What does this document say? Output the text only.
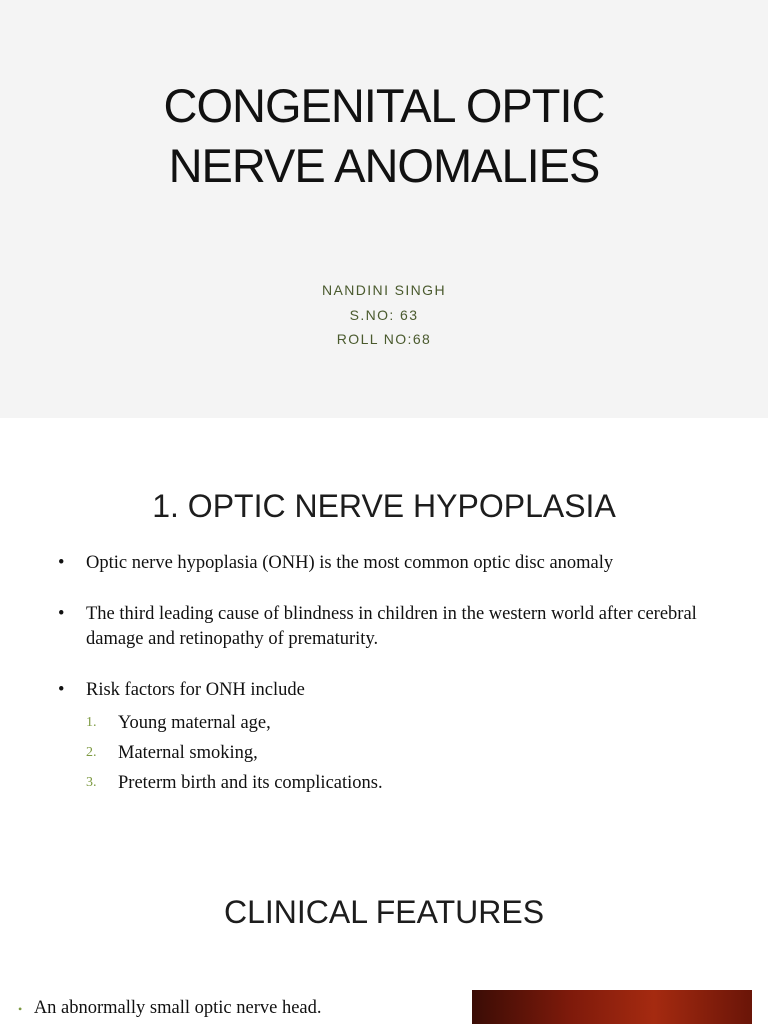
CONGENITAL OPTIC
NERVE ANOMALIES
NANDINI SINGH
S.NO: 63
ROLL NO:68
1. OPTIC NERVE HYPOPLASIA
• Optic nerve hypoplasia (ONH) is the most common optic disc anomaly
• The third leading cause of blindness in children in the western world after cerebral damage and retinopathy of prematurity.
• Risk factors for ONH include
1. Young maternal age,
2. Maternal smoking,
3. Preterm birth and its complications.
CLINICAL FEATURES
• An abnormally small optic nerve head.
